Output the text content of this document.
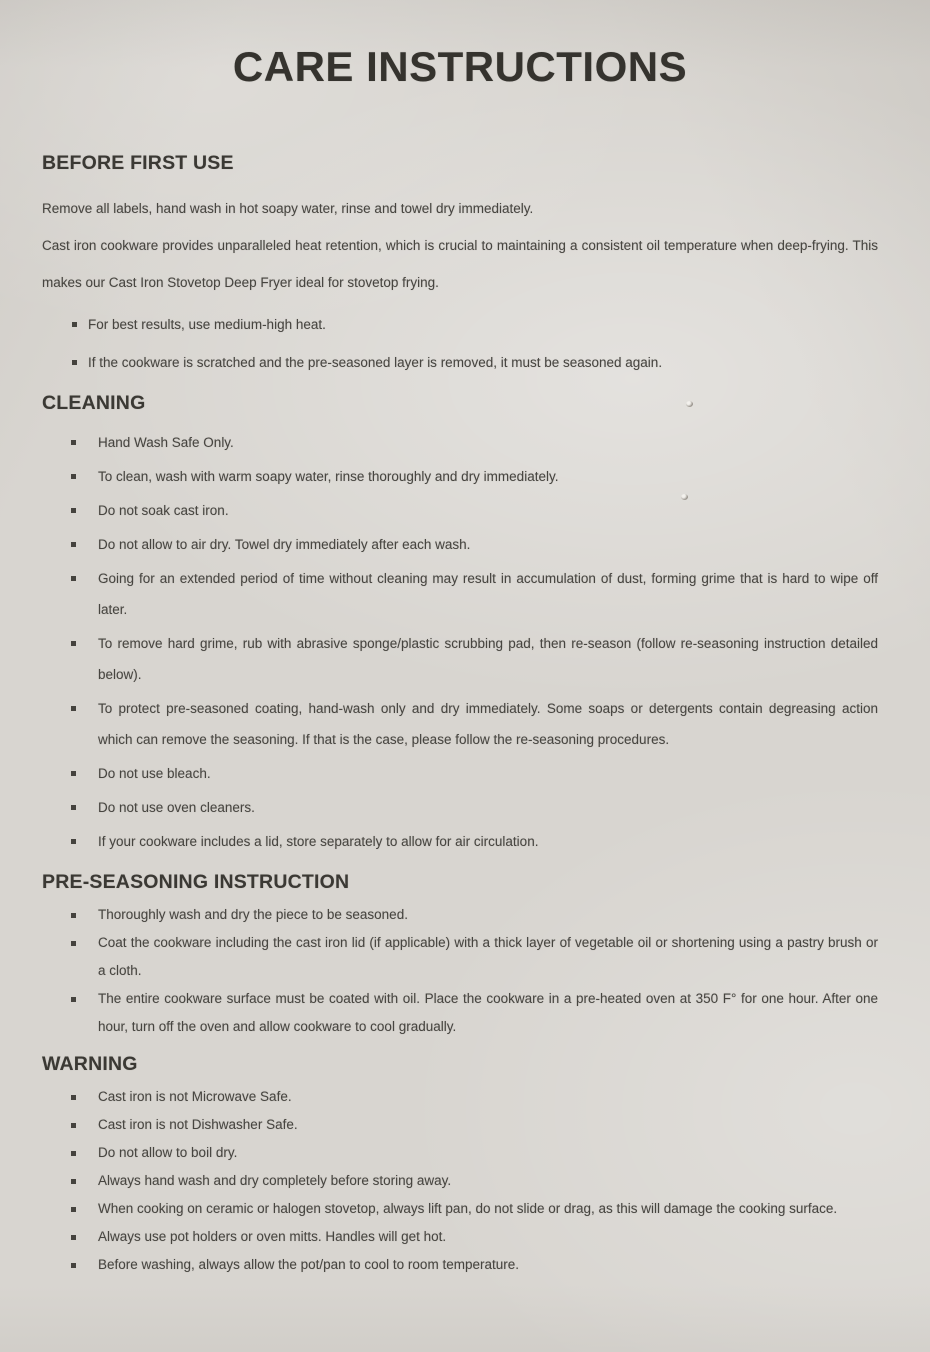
CARE INSTRUCTIONS
BEFORE FIRST USE

Remove all labels, hand wash in hot soapy water, rinse and towel dry immediately.

Cast iron cookware provides unparalleled heat retention, which is crucial to maintaining a consistent oil temperature when deep-frying. This makes our Cast Iron Stovetop Deep Fryer ideal for stovetop frying.

For best results, use medium-high heat.
If the cookware is scratched and the pre-seasoned layer is removed, it must be seasoned again.
CLEANING
Hand Wash Safe Only.
To clean, wash with warm soapy water, rinse thoroughly and dry immediately.
Do not soak cast iron.
Do not allow to air dry. Towel dry immediately after each wash.
Going for an extended period of time without cleaning may result in accumulation of dust, forming grime that is hard to wipe off later.
To remove hard grime, rub with abrasive sponge/plastic scrubbing pad, then re-season (follow re-seasoning instruction detailed below).
To protect pre-seasoned coating, hand-wash only and dry immediately. Some soaps or detergents contain degreasing action which can remove the seasoning. If that is the case, please follow the re-seasoning procedures.
Do not use bleach.
Do not use oven cleaners.
If your cookware includes a lid, store separately to allow for air circulation.
PRE-SEASONING INSTRUCTION
Thoroughly wash and dry the piece to be seasoned.
Coat the cookware including the cast iron lid (if applicable) with a thick layer of vegetable oil or shortening using a pastry brush or a cloth.
The entire cookware surface must be coated with oil. Place the cookware in a pre-heated oven at 350 F° for one hour. After one hour, turn off the oven and allow cookware to cool gradually.
WARNING
Cast iron is not Microwave Safe.
Cast iron is not Dishwasher Safe.
Do not allow to boil dry.
Always hand wash and dry completely before storing away.
When cooking on ceramic or halogen stovetop, always lift pan, do not slide or drag, as this will damage the cooking surface.
Always use pot holders or oven mitts. Handles will get hot.
Before washing, always allow the pot/pan to cool to room temperature.
